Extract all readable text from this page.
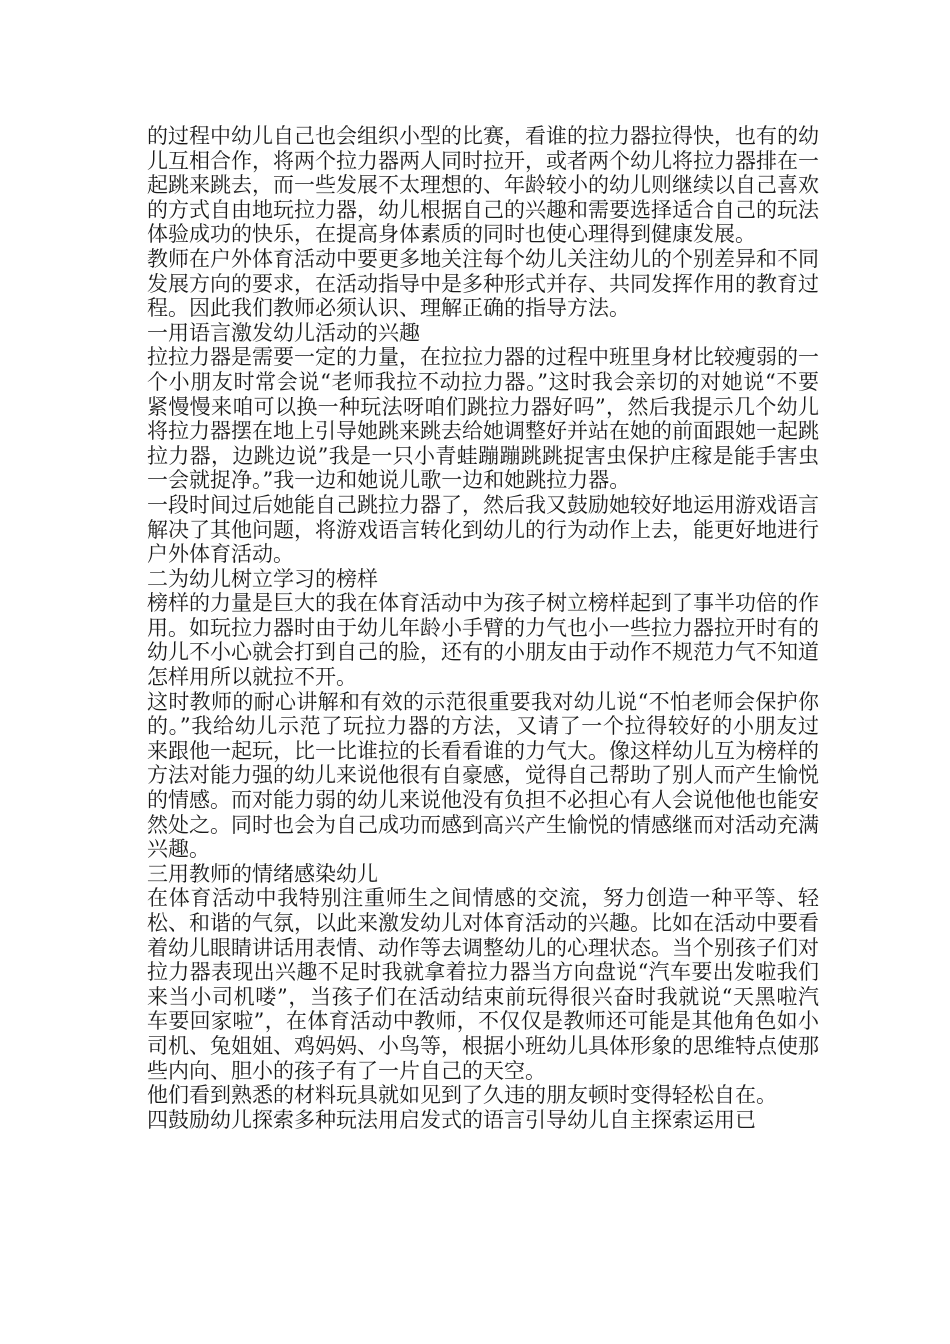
的过程中幼儿自己也会组织小型的比赛，看谁的拉力器拉得快，也有的幼儿互相合作，将两个拉力器两人同时拉开，或者两个幼儿将拉力器排在一起跳来跳去，而一些发展不太理想的、年龄较小的幼儿则继续以自己喜欢的方式自由地玩拉力器，幼儿根据自己的兴趣和需要选择适合自己的玩法体验成功的快乐，在提高身体素质的同时也使心理得到健康发展。

教师在户外体育活动中要更多地关注每个幼儿关注幼儿的个别差异和不同发展方向的要求，在活动指导中是多种形式并存、共同发挥作用的教育过程。因此我们教师必须认识、理解正确的指导方法。

一用语言激发幼儿活动的兴趣

拉拉力器是需要一定的力量，在拉拉力器的过程中班里身材比较瘦弱的一个小朋友时常会说“老师我拉不动拉力器。”这时我会亲切的对她说“不要紧慢慢来咱可以换一种玩法呀咱们跳拉力器好吗”，然后我提示几个幼儿将拉力器摆在地上引导她跳来跳去给她调整好并站在她的前面跟她一起跳拉力器，边跳边说”我是一只小青蛙蹦蹦跳跳捉害虫保护庄稼是能手害虫一会就捉净。”我一边和她说儿歌一边和她跳拉力器。

一段时间过后她能自己跳拉力器了，然后我又鼓励她较好地运用游戏语言解决了其他问题，将游戏语言转化到幼儿的行为动作上去，能更好地进行户外体育活动。

二为幼儿树立学习的榜样

榜样的力量是巨大的我在体育活动中为孩子树立榜样起到了事半功倍的作用。如玩拉力器时由于幼儿年龄小手臂的力气也小一些拉力器拉开时有的幼儿不小心就会打到自己的脸，还有的小朋友由于动作不规范力气不知道怎样用所以就拉不开。

这时教师的耐心讲解和有效的示范很重要我对幼儿说“不怕老师会保护你的。”我给幼儿示范了玩拉力器的方法，又请了一个拉得较好的小朋友过来跟他一起玩，比一比谁拉的长看看谁的力气大。像这样幼儿互为榜样的方法对能力强的幼儿来说他很有自豪感，觉得自己帮助了别人而产生愉悦的情感。而对能力弱的幼儿来说他没有负担不必担心有人会说他他也能安然处之。同时也会为自己成功而感到高兴产生愉悦的情感继而对活动充满兴趣。

三用教师的情绪感染幼儿

在体育活动中我特别注重师生之间情感的交流，努力创造一种平等、轻松、和谐的气氛，以此来激发幼儿对体育活动的兴趣。比如在活动中要看着幼儿眼睛讲话用表情、动作等去调整幼儿的心理状态。当个别孩子们对拉力器表现出兴趣不足时我就拿着拉力器当方向盘说“汽车要出发啦我们来当小司机喽”，当孩子们在活动结束前玩得很兴奋时我就说“天黑啦汽车要回家啦”，在体育活动中教师，不仅仅是教师还可能是其他角色如小司机、兔姐姐、鸡妈妈、小鸟等，根据小班幼儿具体形象的思维特点使那些内向、胆小的孩子有了一片自己的天空。

他们看到熟悉的材料玩具就如见到了久违的朋友顿时变得轻松自在。

四鼓励幼儿探索多种玩法用启发式的语言引导幼儿自主探索运用已
